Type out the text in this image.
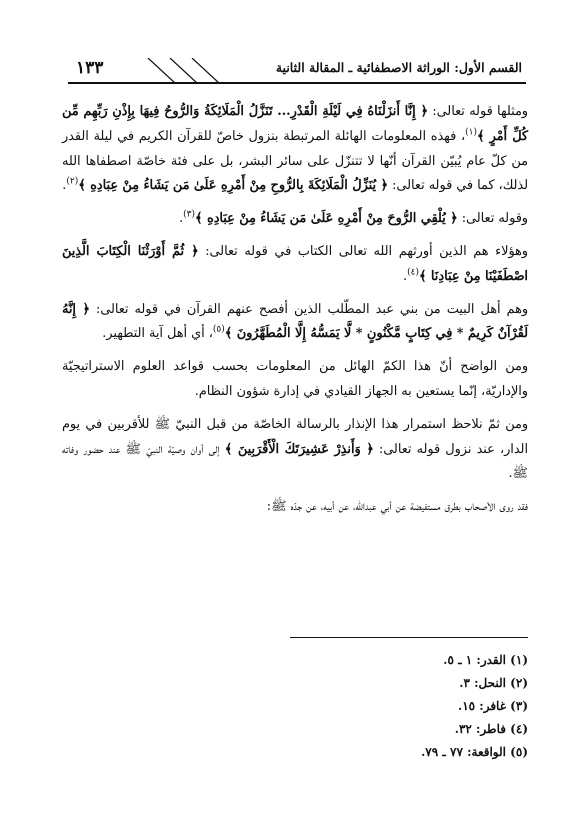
القسم الأول: الوراثة الاصطفائية ـ المقالة الثانية
١٣٣

ومثلها قوله تعالى: ﴿ إِنَّا أَنزَلْنَاهُ فِي لَيْلَةِ الْقَدْرِ... تَنَزَّلُ الْمَلَائِكَةُ وَالرُّوحُ فِيهَا بِإِذْنِ رَبِّهِم مِّن كُلِّ أَمْرٍ ﴾$^{(١)}$، فهذه المعلومات الهائلة المرتبطة بنزول خاصّ للقرآن الكريم في ليلة القدر من كلّ عام يُبيّن القرآن أنّها لا تتنزّل على سائر البشر، بل على فئة خاصّة اصطفاها الله لذلك، كما في قوله تعالى: ﴿ يُنَزِّلُ الْمَلَائِكَةَ بِالرُّوحِ مِنْ أَمْرِهِ عَلَىٰ مَن يَشَاءُ مِنْ عِبَادِهِ ﴾$^{(٢)}$.

وقوله تعالى: ﴿ يُلْقِي الرُّوحَ مِنْ أَمْرِهِ عَلَىٰ مَن يَشَاءُ مِنْ عِبَادِهِ ﴾$^{(٣)}$.

وهؤلاء هم الذين أورثهم الله تعالى الكتاب في قوله تعالى: ﴿ ثُمَّ أَوْرَثْنَا الْكِتَابَ الَّذِينَ اصْطَفَيْنَا مِنْ عِبَادِنَا ﴾$^{(٤)}$.

وهم أهل البيت من بني عبد المطّلب الذين أفصح عنهم القرآن في قوله تعالى: ﴿ إِنَّهُ لَقُرْآنٌ كَرِيمٌ * فِي كِتَابٍ مَّكْنُونٍ * لَّا يَمَسُّهُ إِلَّا الْمُطَهَّرُونَ ﴾$^{(٥)}$، أي أهل آية التطهير.

ومن الواضح أنّ هذا الكمّ الهائل من المعلومات بحسب قواعد العلوم الاستراتيجيّة والإداريّة، إنّما يستعين به الجهاز القيادي في إدارة شؤون النظام.

ومن ثمّ نلاحظ استمرار هذا الإنذار بالرسالة الخاصّة من قبل النبيّ ﷺ للأقربين في يوم الدار، عند نزول قوله تعالى: ﴿ وَأَنذِرْ عَشِيرَتَكَ الْأَقْرَبِينَ ﴾ إلى أوان وصيّة النبيّ ﷺ عند حضور وفاته ﷺ.

فقد روى الأصحاب بطرق مستفيضة عن أبي عبدالله، عن أبيه، عن جدّه ﷺ:

(١) القدر: ١ ـ ٥.
(٢) النحل: ٣.
(٣) غافر: ١٥.
(٤) فاطر: ٣٢.
(٥) الواقعة: ٧٧ ـ ٧٩.
